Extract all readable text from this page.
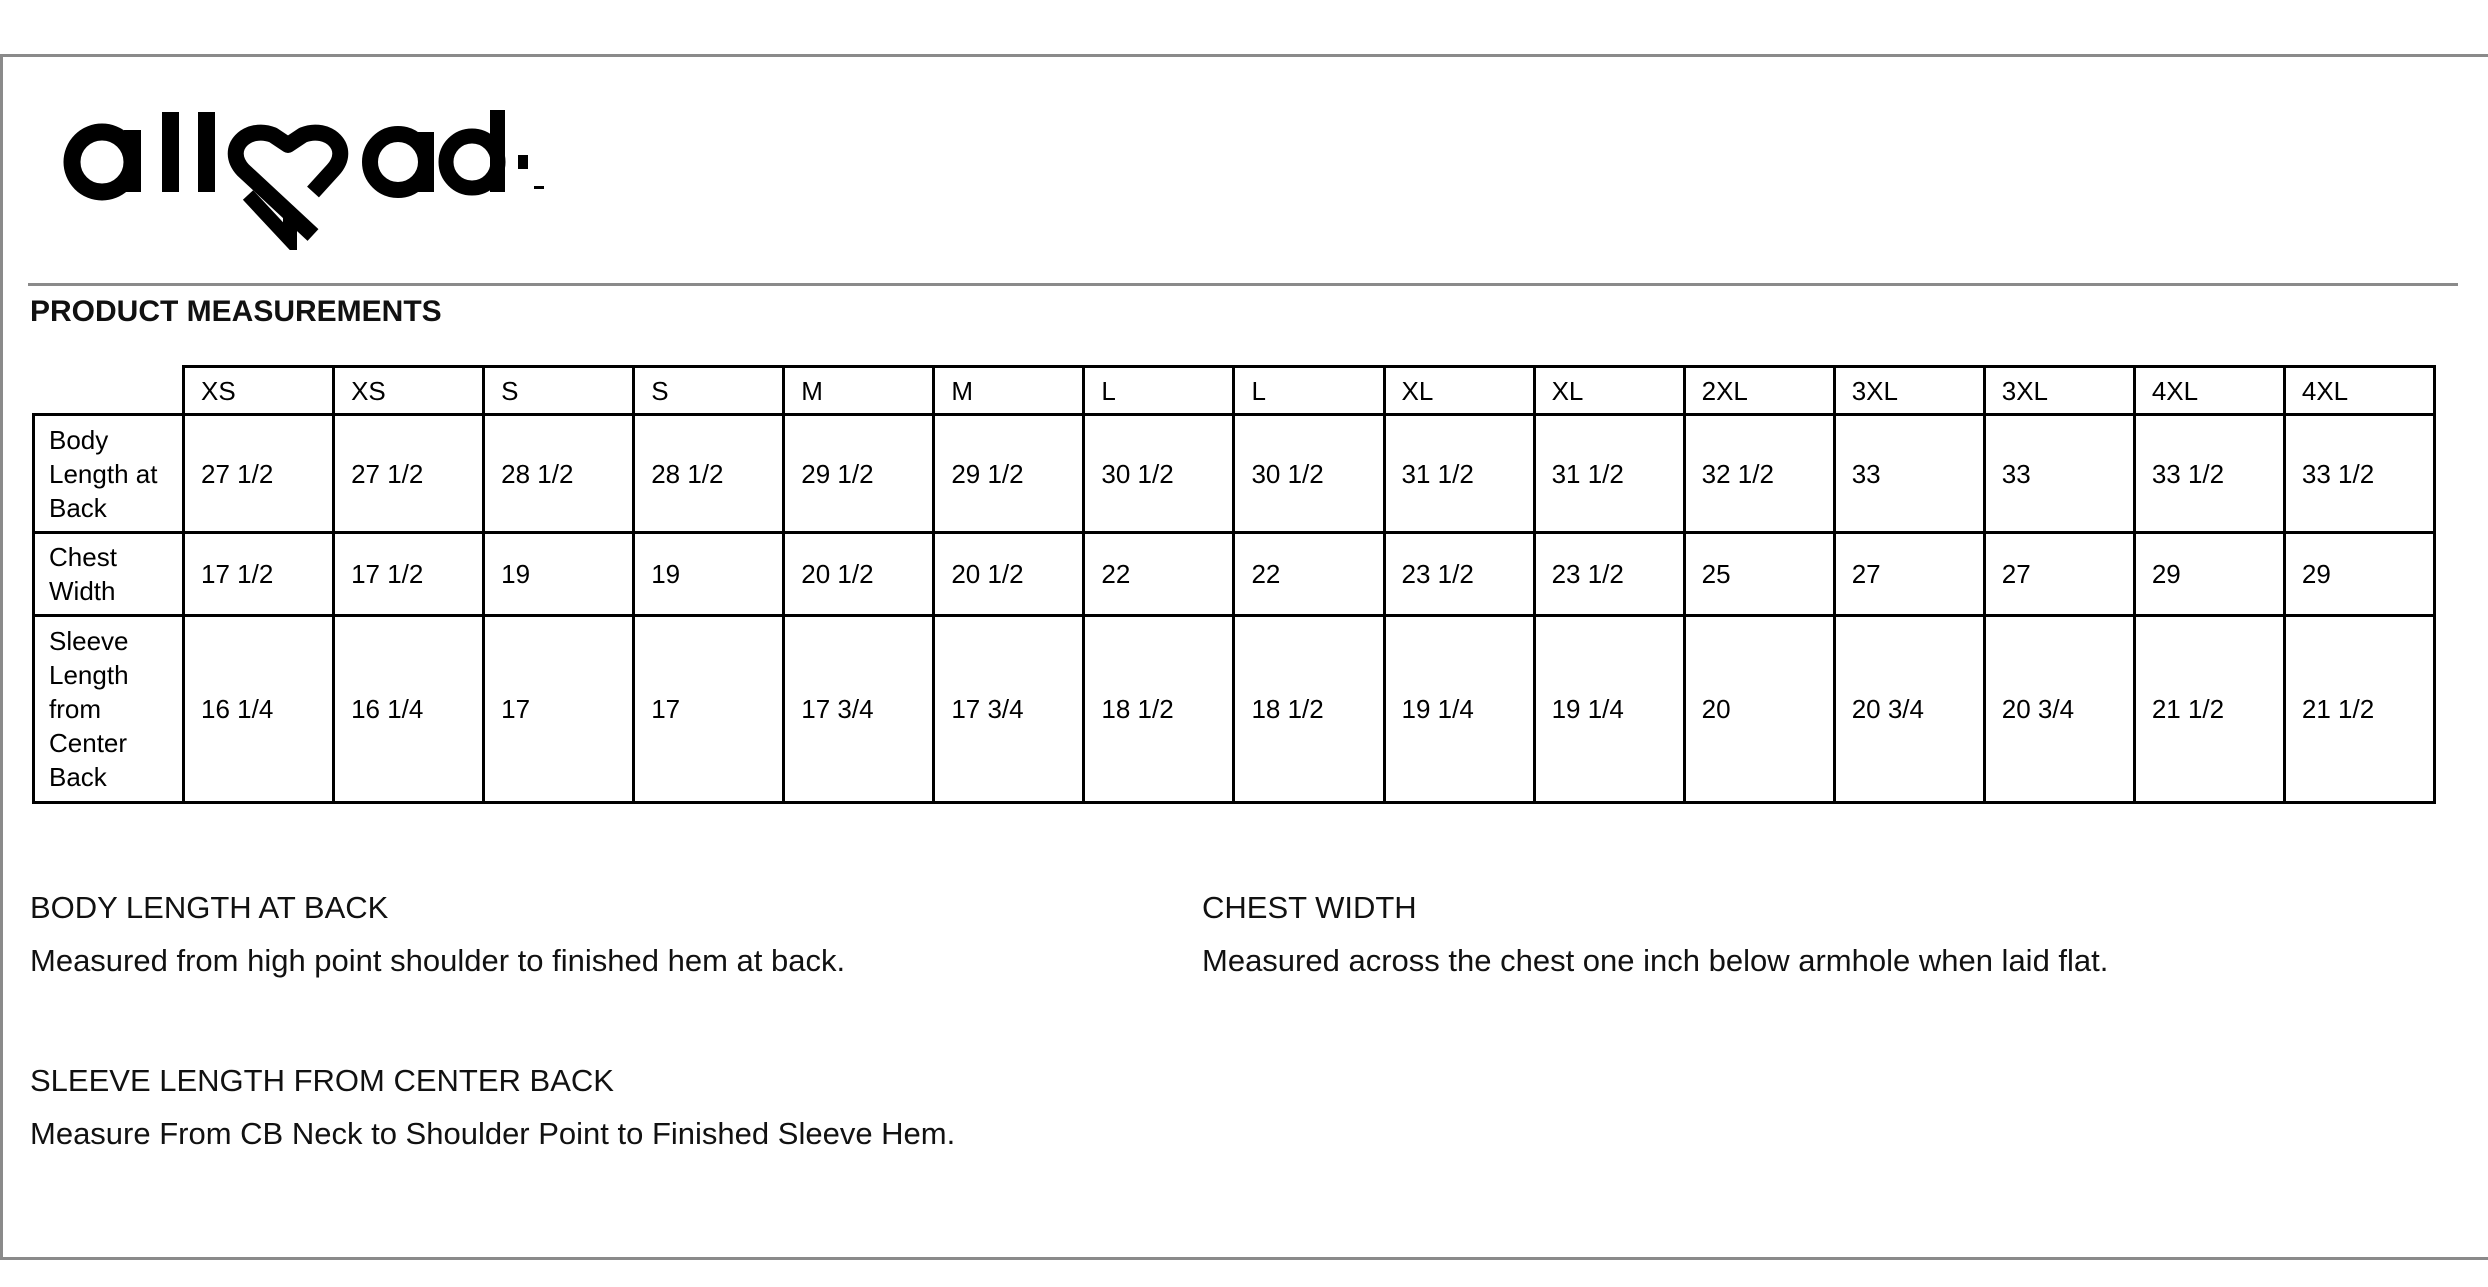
PRODUCT MEASUREMENTS
	XS	XS	S	S	M	M	L	L	XL	XL	2XL	3XL	3XL	4XL	4XL
Body Length at Back	27 1/2	27 1/2	28 1/2	28 1/2	29 1/2	29 1/2	30 1/2	30 1/2	31 1/2	31 1/2	32 1/2	33	33	33 1/2	33 1/2
Chest Width	17 1/2	17 1/2	19	19	20 1/2	20 1/2	22	22	23 1/2	23 1/2	25	27	27	29	29
Sleeve Length from Center Back	16 1/4	16 1/4	17	17	17 3/4	17 3/4	18 1/2	18 1/2	19 1/4	19 1/4	20	20 3/4	20 3/4	21 1/2	21 1/2

BODY LENGTH AT BACK

Measured from high point shoulder to finished hem at back.

CHEST WIDTH

Measured across the chest one inch below armhole when laid flat.

SLEEVE LENGTH FROM CENTER BACK

Measure From CB Neck to Shoulder Point to Finished Sleeve Hem.
